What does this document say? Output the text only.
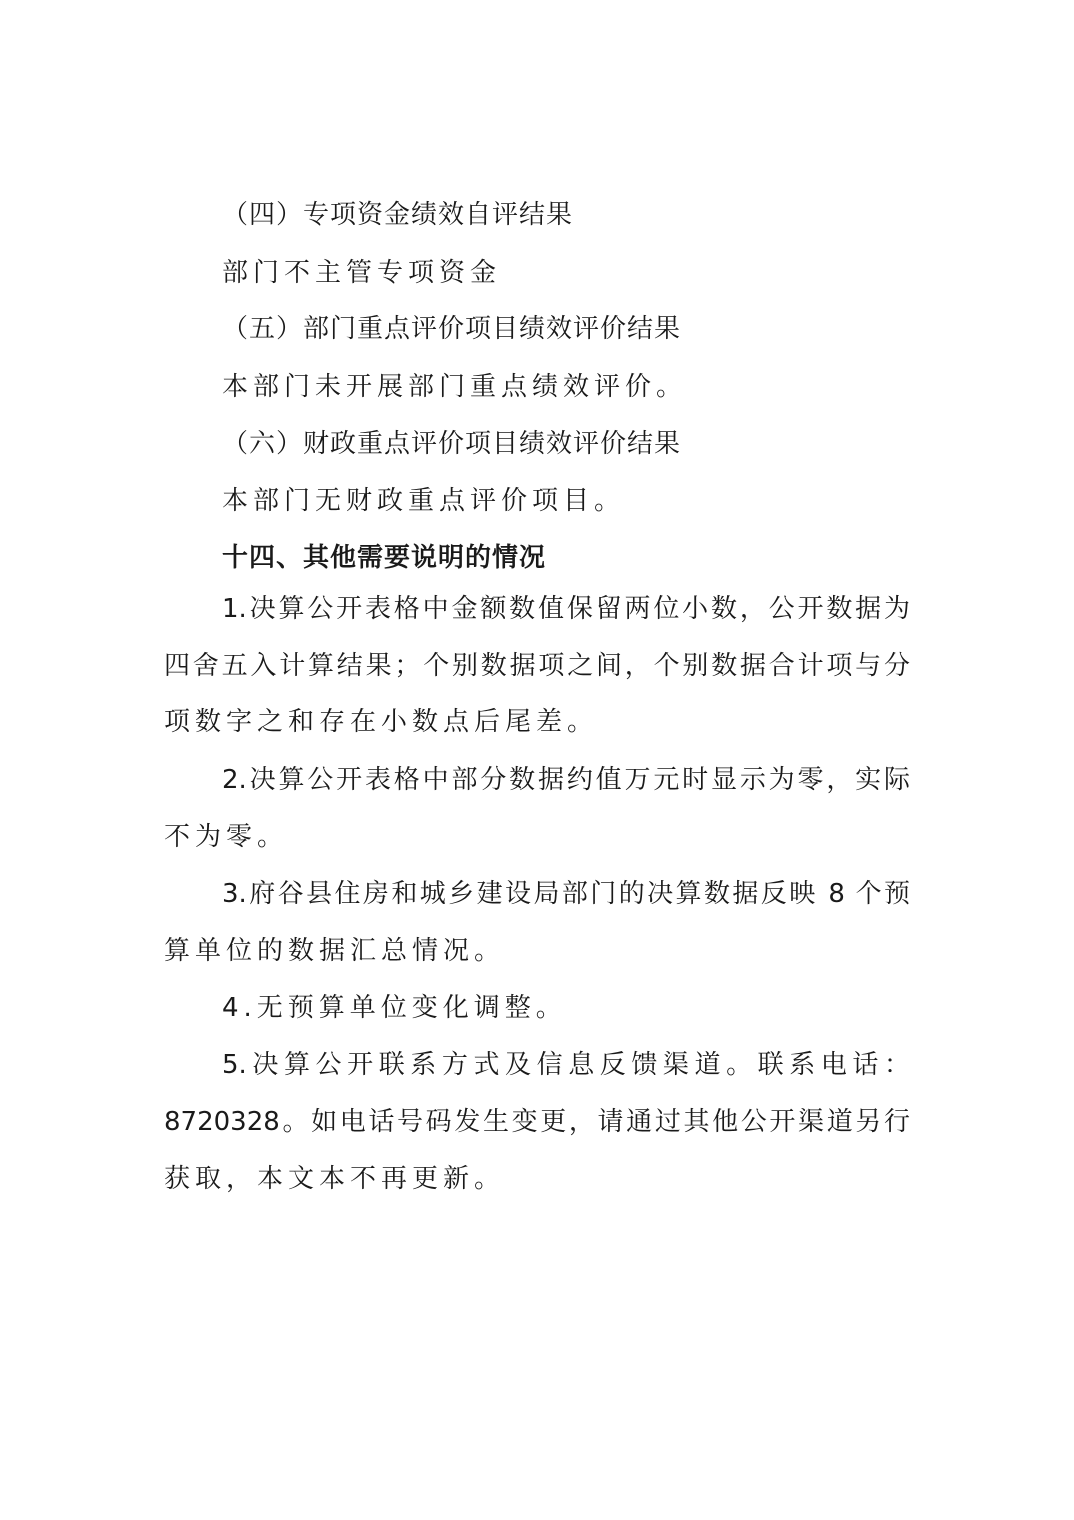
（四）专项资金绩效自评结果
部门不主管专项资金
（五）部门重点评价项目绩效评价结果
本部门未开展部门重点绩效评价。
（六）财政重点评价项目绩效评价结果
本部门无财政重点评价项目。
十四、其他需要说明的情况
1.决算公开表格中金额数值保留两位小数，公开数据为
四舍五入计算结果；个别数据项之间，个别数据合计项与分
项数字之和存在小数点后尾差。
2.决算公开表格中部分数据约值万元时显示为零，实际
不为零。
3.府谷县住房和城乡建设局部门的决算数据反映 8 个预
算单位的数据汇总情况。
4.无预算单位变化调整。
5.决算公开联系方式及信息反馈渠道。联系电话：
8720328。如电话号码发生变更，请通过其他公开渠道另行
获取，本文本不再更新。
